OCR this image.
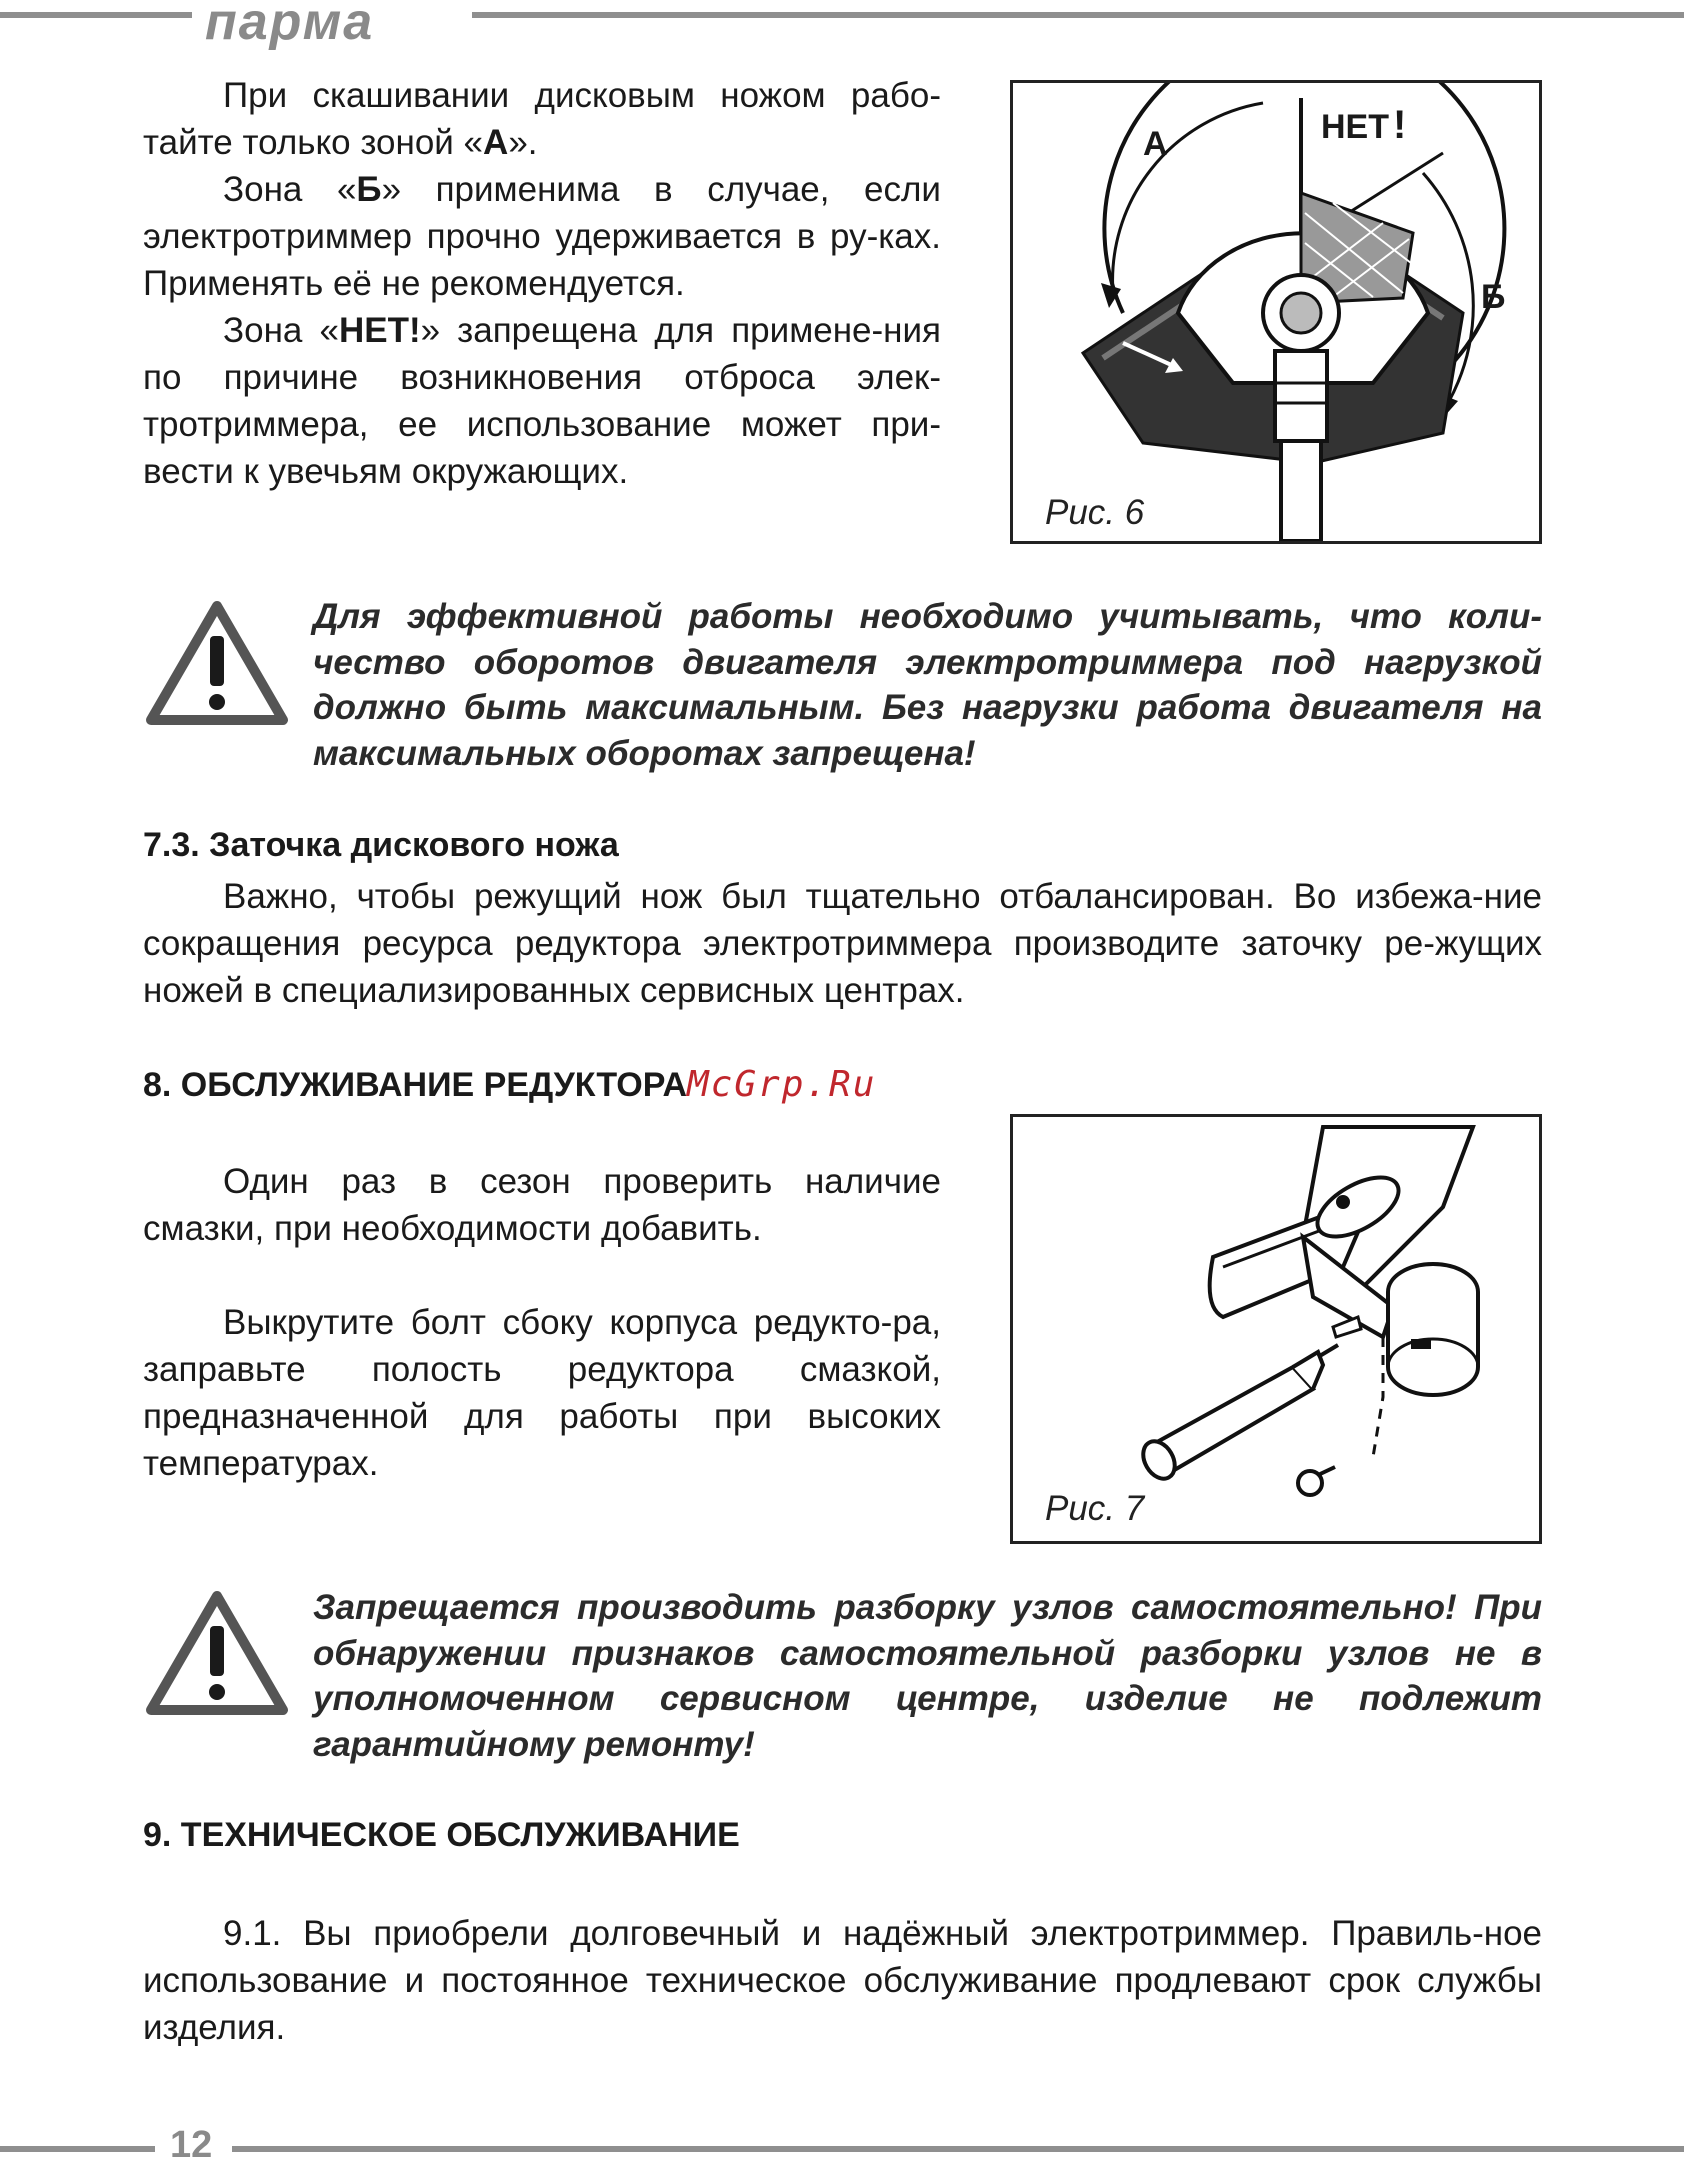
парма

При скашивании дисковым ножом рабо-тайте только зоной «А».

Зона «Б» применима в случае, если электротриммер прочно удерживается в ру-ках. Применять её не рекомендуется.

Зона «НЕТ!» запрещена для примене-ния по причине возникновения отброса элек-тротриммера, ее использование может при-вести к увечьям окружающих.

А	НЕТ !
Б
Рис. 6

Для эффективной работы необходимо учитывать, что коли-чество оборотов двигателя электротриммера под нагрузкой должно быть максимальным. Без нагрузки работа двигателя на максимальных оборотах запрещена!

7.3. Заточка дискового ножа

Важно, чтобы режущий нож был тщательно отбалансирован. Во избежа-ние сокращения ресурса редуктора электротриммера производите заточку ре-жущих ножей в специализированных сервисных центрах.

8. ОБСЛУЖИВАНИЕ РЕДУКТОРАMcGrp.Ru

Один раз в сезон проверить наличие смазки, при необходимости добавить.

Выкрутите болт сбоку корпуса редукто-ра, заправьте полость редуктора смазкой, предназначенной для работы при высоких температурах.

Рис. 7

Запрещается производить разборку узлов самостоятельно! При обнаружении признаков самостоятельной разборки узлов не в уполномоченном сервисном центре, изделие не подлежит гарантийному ремонту!

9. ТЕХНИЧЕСКОЕ ОБСЛУЖИВАНИЕ

9.1. Вы приобрели долговечный и надёжный электротриммер. Правиль-ное использование и постоянное техническое обслуживание продлевают срок службы изделия.

12
